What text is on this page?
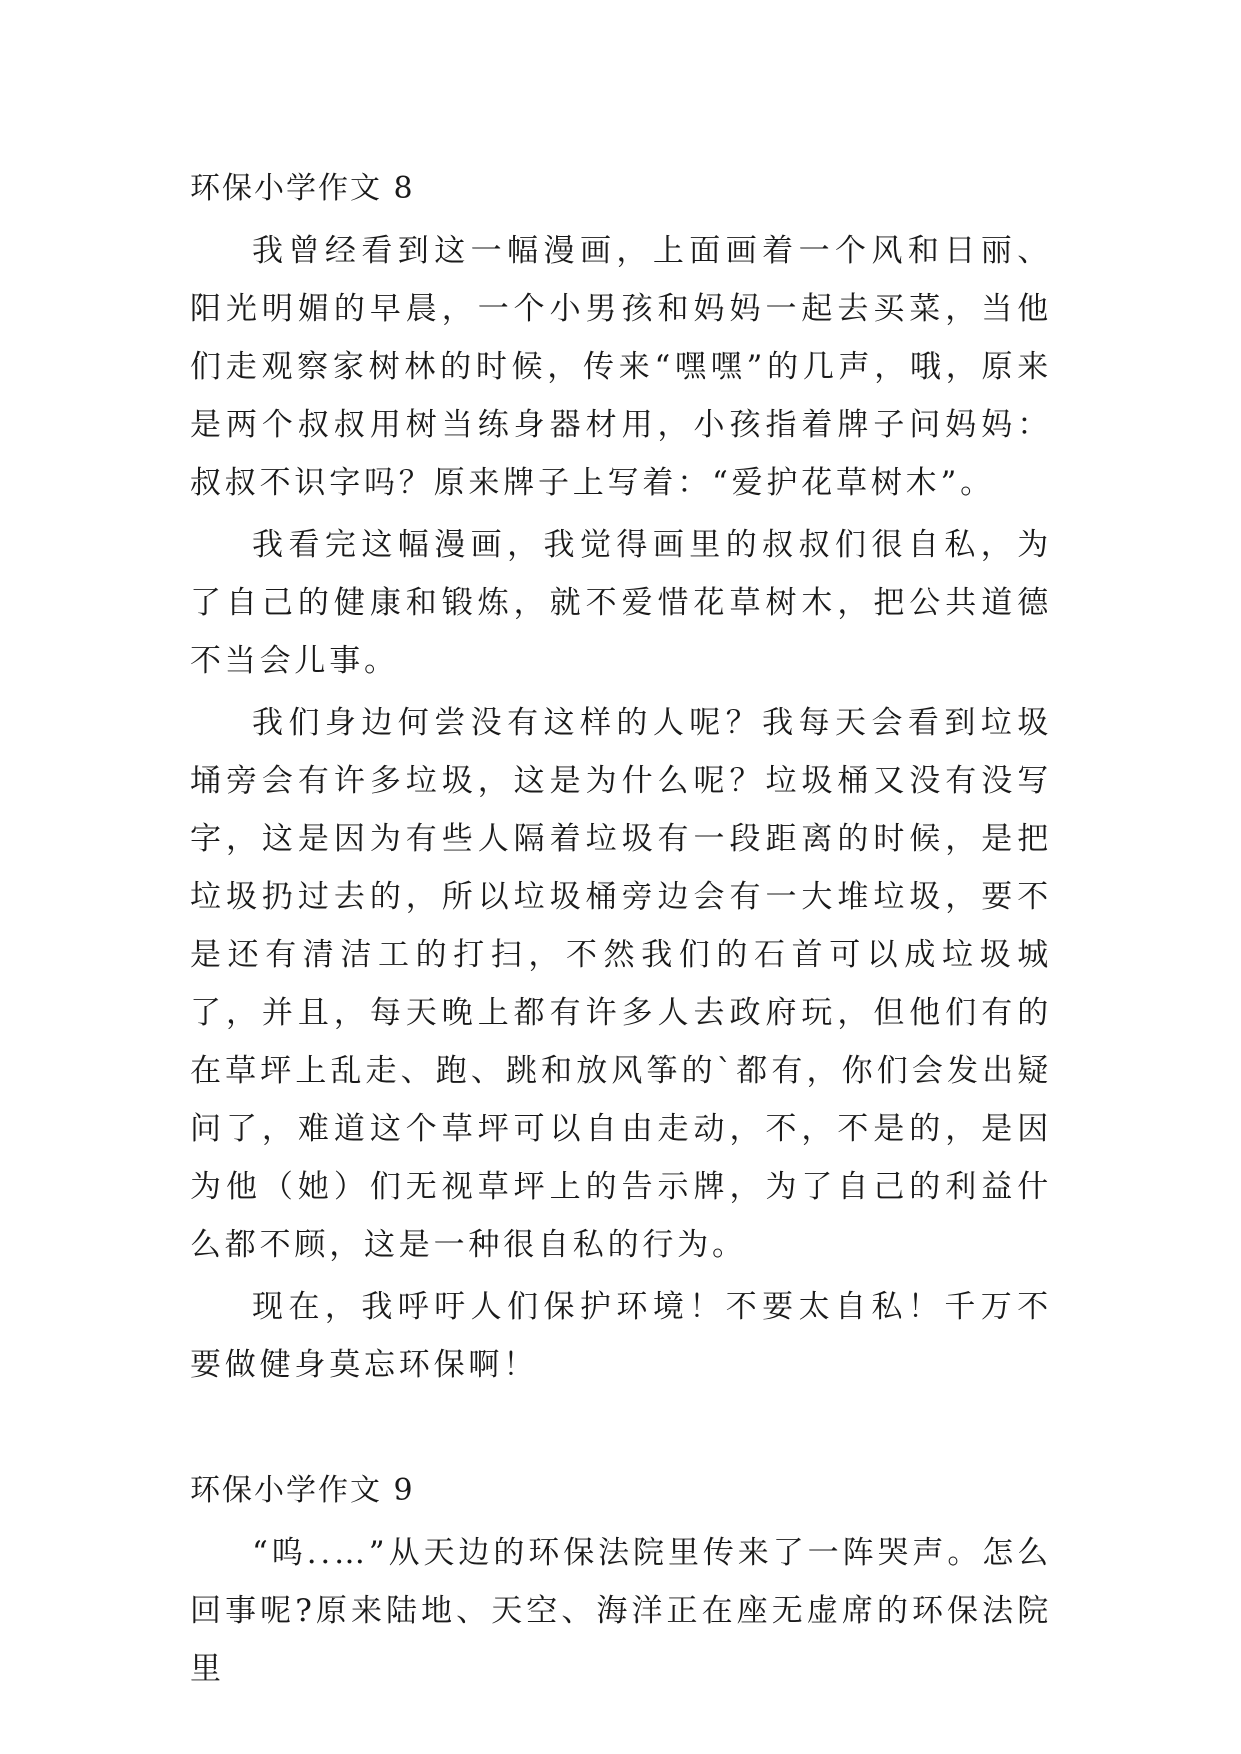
环保小学作文 8

我曾经看到这一幅漫画，上面画着一个风和日丽、阳光明媚的早晨，一个小男孩和妈妈一起去买菜，当他们走观察家树林的时候，传来“嘿嘿”的几声，哦，原来是两个叔叔用树当练身器材用，小孩指着牌子问妈妈：叔叔不识字吗？原来牌子上写着：“爱护花草树木”。

我看完这幅漫画，我觉得画里的叔叔们很自私，为了自己的健康和锻炼，就不爱惜花草树木，把公共道德不当会儿事。

我们身边何尝没有这样的人呢？我每天会看到垃圾埇旁会有许多垃圾，这是为什么呢？垃圾桶又没有没写字，这是因为有些人隔着垃圾有一段距离的时候，是把垃圾扔过去的，所以垃圾桶旁边会有一大堆垃圾，要不是还有清洁工的打扫，不然我们的石首可以成垃圾城了，并且，每天晚上都有许多人去政府玩，但他们有的在草坪上乱走、跑、跳和放风筝的`都有，你们会发出疑问了，难道这个草坪可以自由走动，不，不是的，是因为他（她）们无视草坪上的告示牌，为了自己的利益什么都不顾，这是一种很自私的行为。

现在，我呼吁人们保护环境！不要太自私！千万不要做健身莫忘环保啊！

环保小学作文 9

“呜..…”从天边的环保法院里传来了一阵哭声。怎么回事呢?原来陆地、天空、海洋正在座无虚席的环保法院里
